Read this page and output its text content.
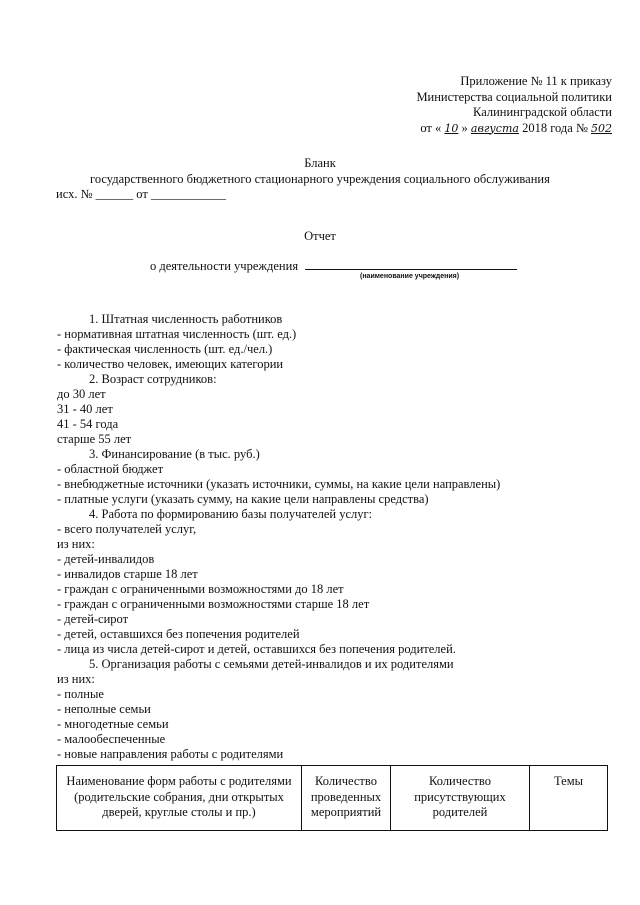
Приложение № 11 к приказу
Министерства социальной политики
Калининградской области
от « 10 » августа 2018 года № 502
Бланк
государственного бюджетного стационарного учреждения социального обслуживания
исх. № ______ от ____________
Отчет
о деятельности учреждения
(наименование учреждения)
1. Штатная численность работников
- нормативная штатная численность (шт. ед.)
- фактическая численность (шт. ед./чел.)
- количество человек, имеющих категории
2. Возраст сотрудников:
до 30 лет
31 - 40 лет
41 - 54 года
старше 55 лет
3. Финансирование (в тыс. руб.)
- областной бюджет
- внебюджетные источники (указать источники, суммы, на какие цели направлены)
- платные услуги (указать сумму, на какие цели направлены средства)
4. Работа по формированию базы получателей услуг:
- всего получателей услуг,
из них:
- детей-инвалидов
- инвалидов старше 18 лет
- граждан с ограниченными возможностями до 18 лет
- граждан с ограниченными возможностями старше 18 лет
- детей-сирот
- детей, оставшихся без попечения родителей
- лица из числа детей-сирот и детей, оставшихся без попечения родителей.
5. Организация работы с семьями детей-инвалидов и их родителями
из них:
- полные
- неполные семьи
- многодетные семьи
- малообеспеченные
- новые направления работы с родителями
Наименование форм работы с родителями (родительские собрания, дни открытых дверей, круглые столы и пр.)	Количество проведенных мероприятий	Количество присутствующих родителей	Темы
